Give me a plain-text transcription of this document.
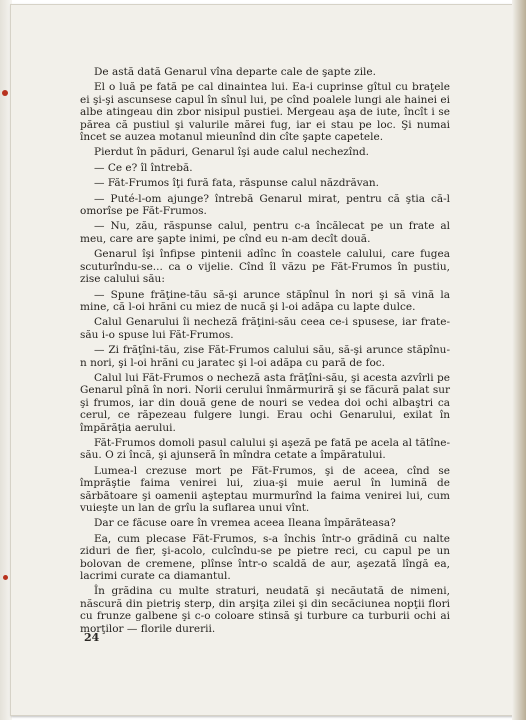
De astă dată Genarul vîna departe cale de şapte zile.

El o luă pe fată pe cal dinaintea lui. Ea-i cuprinse gîtul cu braţele ei şi-şi ascunsese capul în sînul lui, pe cînd poalele lungi ale hainei ei albe atingeau din zbor nisipul pustiei. Mergeau aşa de iute, încît i se părea că pustiul şi valurile mărei fug, iar ei stau pe loc. Şi numai încet se auzea motanul mieunînd din cîte şapte capetele.

Pierdut în păduri, Genarul îşi aude calul nechezînd.

— Ce e? îl întrebă.

— Făt-Frumos îţi fură fata, răspunse calul năzdrăvan.

— Puté-l-om ajunge? întrebă Genarul mirat, pentru că ştia că-l omorîse pe Făt-Frumos.

— Nu, zău, răspunse calul, pentru c-a încălecat pe un frate al meu, care are şapte inimi, pe cînd eu n-am decît două.

Genarul îşi înfipse pintenii adînc în coastele calului, care fugea scuturîndu-se... ca o vijelie. Cînd îl văzu pe Făt-Frumos în pustiu, zise calului său:

— Spune frăţine-tău să-şi arunce stăpînul în nori şi să vină la mine, că l-oi hrăni cu miez de nucă şi l-oi adăpa cu lapte dulce.

Calul Genarului îi necheză frăţini-său ceea ce-i spusese, iar frate-său i-o spuse lui Făt-Frumos.

— Zi frăţîni-tău, zise Făt-Frumos calului său, să-şi arunce stăpînu-n nori, şi l-oi hrăni cu jaratec şi l-oi adăpa cu pară de foc.

Calul lui Făt-Frumos o necheză asta frăţîni-său, şi acesta azvîrli pe Genarul pînă în nori. Norii cerului înmărmuriră şi se făcură palat sur şi frumos, iar din două gene de nouri se vedea doi ochi albaştri ca cerul, ce răpezeau fulgere lungi. Erau ochi Genarului, exilat în împărăţia aerului.

Făt-Frumos domoli pasul calului şi aşeză pe fată pe acela al tătîne-său. O zi încă, şi ajunseră în mîndra cetate a împăratului.

Lumea-l crezuse mort pe Făt-Frumos, şi de aceea, cînd se împrăştie faima venirei lui, ziua-şi muie aerul în lumină de sărbătoare şi oamenii aşteptau murmurînd la faima venirei lui, cum vuieşte un lan de grîu la suflarea unui vînt.

Dar ce făcuse oare în vremea aceea Ileana împărăteasa?

Ea, cum plecase Făt-Frumos, s-a închis într-o grădină cu nalte ziduri de fier, şi-acolo, culcîndu-se pe pietre reci, cu capul pe un bolovan de cremene, plînse într-o scaldă de aur, aşezată lîngă ea, lacrimi curate ca diamantul.

În grădina cu multe straturi, neudată şi necăutată de nimeni, născură din pietriş sterp, din arşiţa zilei şi din secăciunea nopţii flori cu frunze galbene şi c-o coloare stinsă şi turbure ca turburii ochi ai morţilor — florile durerii.

24
